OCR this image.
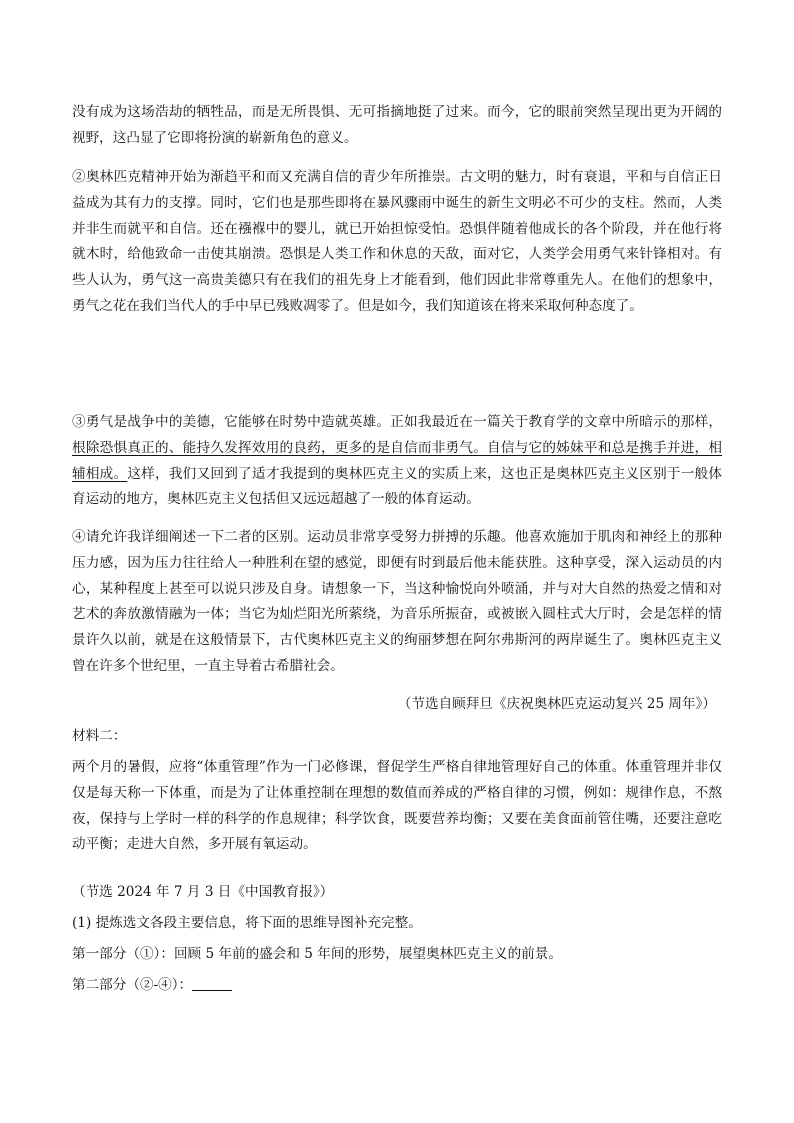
没有成为这场浩劫的牺牲品，而是无所畏惧、无可指摘地挺了过来。而今，它的眼前突然呈现出更为开阔的视野，这凸显了它即将扮演的崭新角色的意义。

②奥林匹克精神开始为渐趋平和而又充满自信的青少年所推崇。古文明的魅力，时有衰退，平和与自信正日益成为其有力的支撑。同时，它们也是那些即将在暴风骤雨中诞生的新生文明必不可少的支柱。然而，人类并非生而就平和自信。还在襁褓中的婴儿，就已开始担惊受怕。恐惧伴随着他成长的各个阶段，并在他行将就木时，给他致命一击使其崩溃。恐惧是人类工作和休息的天敌，面对它，人类学会用勇气来针锋相对。有些人认为，勇气这一高贵美德只有在我们的祖先身上才能看到，他们因此非常尊重先人。在他们的想象中，勇气之花在我们当代人的手中早已残败凋零了。但是如今，我们知道该在将来采取何种态度了。

③勇气是战争中的美德，它能够在时势中造就英雄。正如我最近在一篇关于教育学的文章中所暗示的那样，根除恐惧真正的、能持久发挥效用的良药，更多的是自信而非勇气。自信与它的姊妹平和总是携手并进，相辅相成。这样，我们又回到了适才我提到的奥林匹克主义的实质上来，这也正是奥林匹克主义区别于一般体育运动的地方，奥林匹克主义包括但又远远超越了一般的体育运动。

④请允许我详细阐述一下二者的区别。运动员非常享受努力拼搏的乐趣。他喜欢施加于肌肉和神经上的那种压力感，因为压力往往给人一种胜利在望的感觉，即便有时到最后他未能获胜。这种享受，深入运动员的内心，某种程度上甚至可以说只涉及自身。请想象一下，当这种愉悦向外喷涌，并与对大自然的热爱之情和对艺术的奔放激情融为一体；当它为灿烂阳光所萦绕，为音乐所振奋，或被嵌入圆柱式大厅时，会是怎样的情景许久以前，就是在这般情景下，古代奥林匹克主义的绚丽梦想在阿尔弗斯河的两岸诞生了。奥林匹克主义曾在许多个世纪里，一直主导着古希腊社会。

（节选自顾拜旦《庆祝奥林匹克运动复兴 25 周年》）

材料二：

两个月的暑假，应将“体重管理”作为一门必修课，督促学生严格自律地管理好自己的体重。体重管理并非仅仅是每天称一下体重，而是为了让体重控制在理想的数值而养成的严格自律的习惯，例如：规律作息，不熬夜，保持与上学时一样的科学的作息规律；科学饮食，既要营养均衡；又要在美食面前管住嘴，还要注意吃动平衡；走进大自然，多开展有氧运动。

（节选 2024 年 7 月 3 日《中国教育报》）

(1) 提炼选文各段主要信息，将下面的思维导图补充完整。

第一部分（①）：回顾 5 年前的盛会和 5 年间的形势，展望奥林匹克主义的前景。

第二部分（②-④）：
